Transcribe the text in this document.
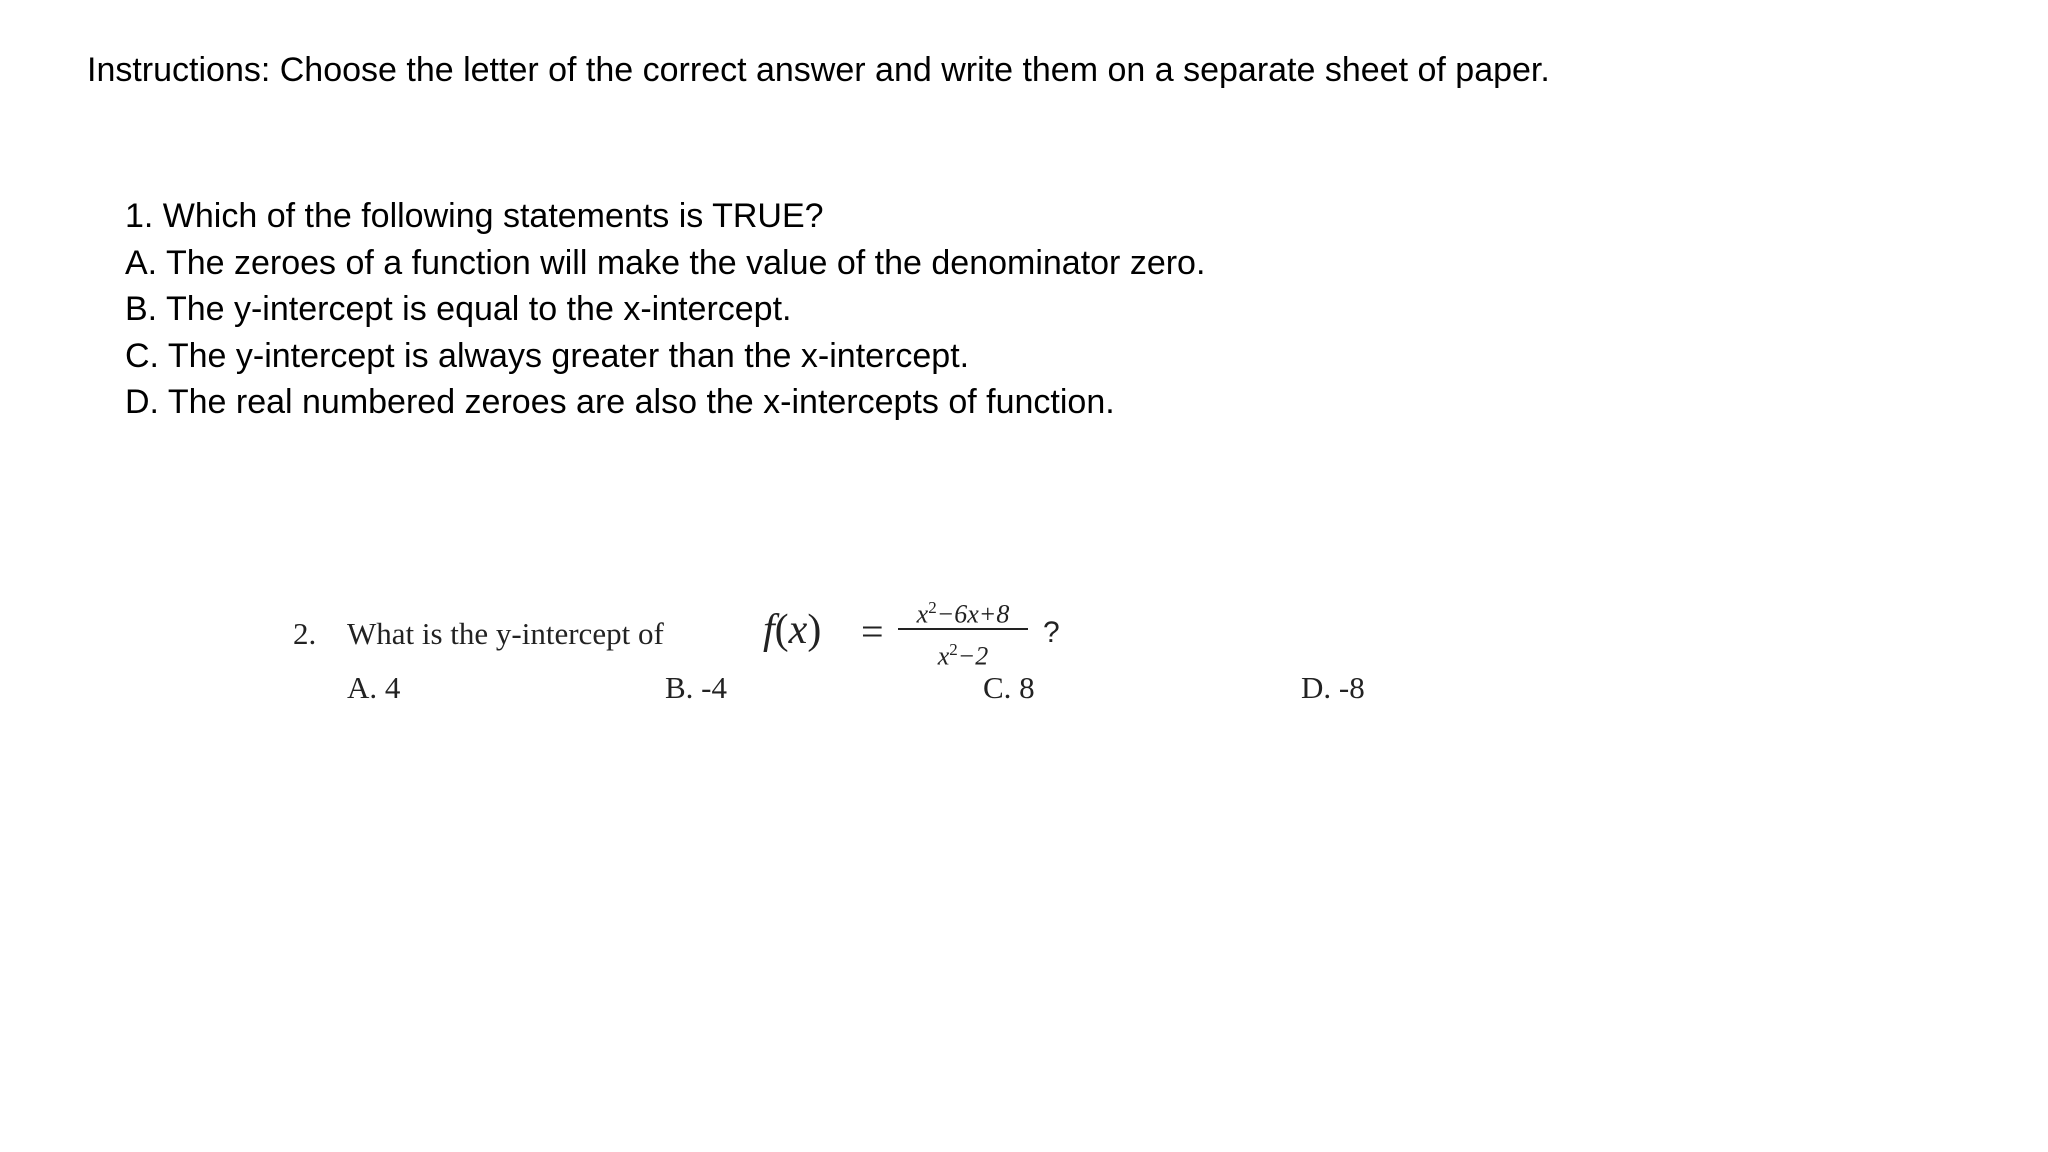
Instructions: Choose the letter of the correct answer and write them on a separate sheet of paper.
1. Which of the following statements is TRUE?
A. The zeroes of a function will make the value of the denominator zero.
B. The y-intercept is equal to the x-intercept.
C. The y-intercept is always greater than the x-intercept.
D. The real numbered zeroes are also the x-intercepts of function.
2. What is the y-intercept of f(x) =	$x^2-6x+8$
$x^2-2$
?
A. 4	B. -4	C. 8	D. -8
